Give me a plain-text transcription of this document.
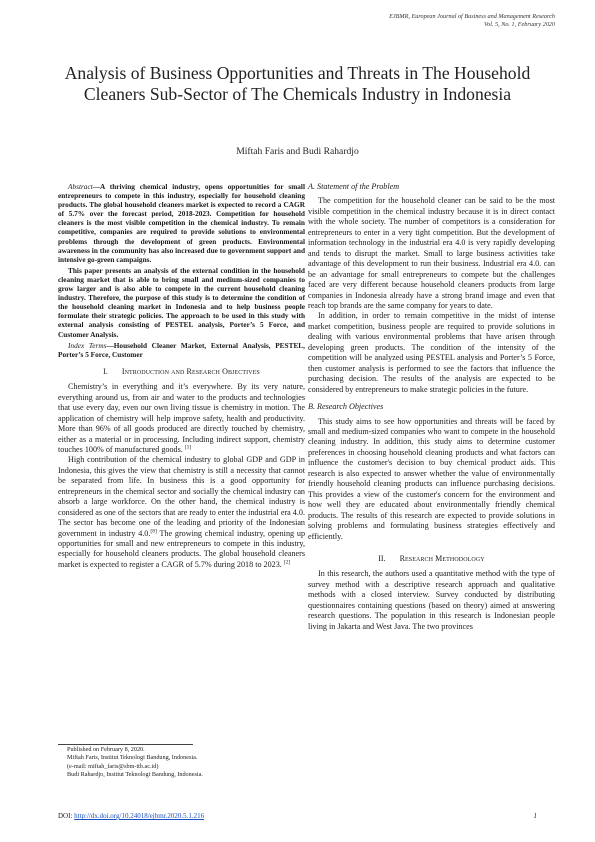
EJBMR, European Journal of Business and Management Research
Vol. 5, No. 1, February 2020
Analysis of Business Opportunities and Threats in The Household Cleaners Sub-Sector of The Chemicals Industry in Indonesia
Miftah Faris and Budi Rahardjo

Abstract—A thriving chemical industry, opens opportunities for small entrepreneurs to compete in this industry, especially for household cleaning products. The global household cleaners market is expected to record a CAGR of 5.7% over the forecast period, 2018-2023. Competition for household cleaners is the most visible competition in the chemical industry. To remain competitive, companies are required to provide solutions to environmental problems through the development of green products. Environmental awareness in the community has also increased due to government support and intensive go-green campaigns.

This paper presents an analysis of the external condition in the household cleaning market that is able to bring small and medium-sized companies to grow larger and is also able to compete in the current household cleaning industry. Therefore, the purpose of this study is to determine the condition of the household cleaning market in Indonesia and to help business people formulate their strategic policies. The approach to be used in this study with external analysis consisting of PESTEL analysis, Porter’s 5 Force, and Customer Analysis.

Index Terms—Household Cleaner Market, External Analysis, PESTEL, Porter’s 5 Force, Customer

I. Introduction and Research Objectives

Chemistry’s in everything and it’s everywhere. By its very nature, everything around us, from air and water to the products and technologies that use every day, even our own living tissue is chemistry in motion. The application of chemistry will help improve safety, health and productivity. More than 96% of all goods produced are directly touched by chemistry, either as a material or in processing. Including indirect support, chemistry touches 100% of manufactured goods. [1]

High contribution of the chemical industry to global GDP and GDP in Indonesia, this gives the view that chemistry is still a necessity that cannot be separated from life. In business this is a good opportunity for entrepreneurs in the chemical sector and socially the chemical industry can absorb a large workforce. On the other hand, the chemical industry is considered as one of the sectors that are ready to enter the industrial era 4.0. The sector has become one of the leading and priority of the Indonesian government in industry 4.0.[8] The growing chemical industry, opening up opportunities for small and new entrepreneurs to compete in this industry, especially for household cleaners products. The global household cleaners market is expected to register a CAGR of 5.7% during 2018 to 2023. [2]

A. Statement of the Problem

The competition for the household cleaner can be said to be the most visible competition in the chemical industry because it is in direct contact with the whole society. The number of competitors is a consideration for entrepreneurs to enter in a very tight competition. But the development of information technology in the industrial era 4.0 is very rapidly developing and tends to disrupt the market. Small to large business activities take advantage of this development to run their business. Industrial era 4.0. can be an advantage for small entrepreneurs to compete but the challenges faced are very different because household cleaners products from large companies in Indonesia already have a strong brand image and even that reach top brands are the same company for years to date.

In addition, in order to remain competitive in the midst of intense market competition, business people are required to provide solutions in dealing with various environmental problems that have arisen through developing green products. The condition of the intensity of the competition will be analyzed using PESTEL analysis and Porter’s 5 Force, then customer analysis is performed to see the factors that influence the purchasing decision. The results of the analysis are expected to be considered by entrepreneurs to make strategic policies in the future.

B. Research Objectives

This study aims to see how opportunities and threats will be faced by small and medium-sized companies who want to compete in the household cleaning industry. In addition, this study aims to determine customer preferences in choosing household cleaning products and what factors can influence the customer's decision to buy chemical product aids. This research is also expected to answer whether the value of environmentally friendly household cleaning products can influence purchasing decisions. This provides a view of the customer's concern for the environment and how well they are educated about environmentally friendly chemical products. The results of this research are expected to provide solutions in solving problems and formulating business strategies effectively and efficiently.

II. Research Methodology

In this research, the authors used a quantitative method with the type of survey method with a descriptive research approach and qualitative methods with a closed interview. Survey conducted by distributing questionnaires containing questions (based on theory) aimed at answering research questions. The population in this research is Indonesian people living in Jakarta and West Java. The two provinces

Published on February 8, 2020.
Miftah Faris, Institut Teknologi Bandung, Indonesia.
(e-mail: miftah_faris@sbm-itb.ac.id)
Budi Rahardjo, Institut Teknologi Bandung, Indonesia.
DOI: http://dx.doi.org/10.24018/ejbmr.2020.5.1.216	1
